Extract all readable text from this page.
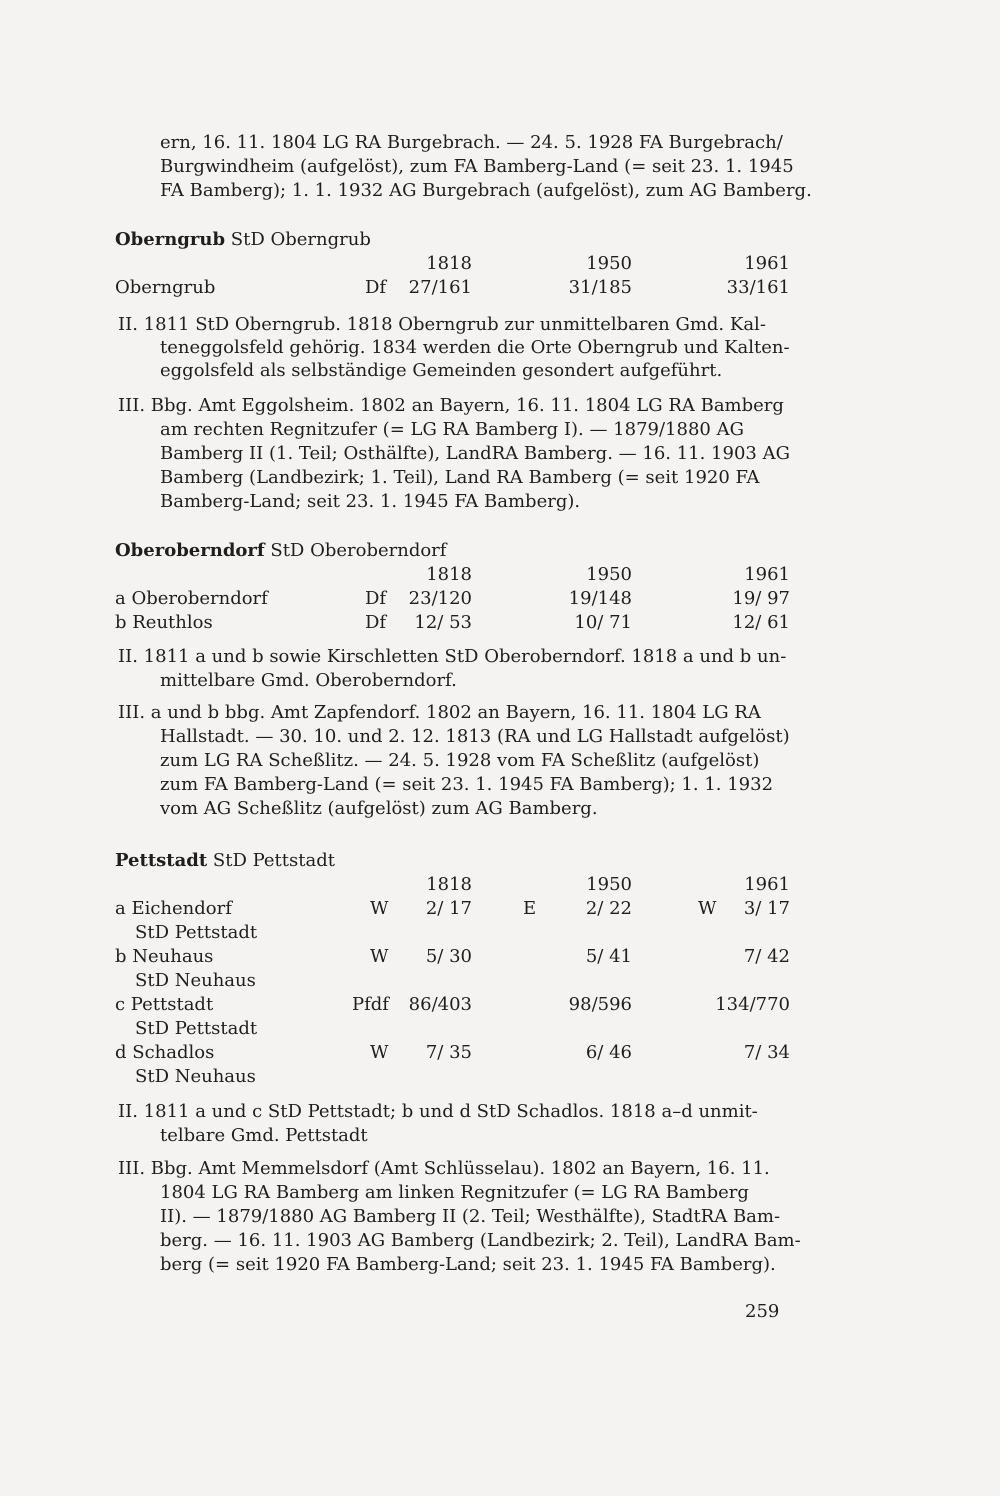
ern, 16. 11. 1804 LG RA Burgebrach. — 24. 5. 1928 FA Burgebrach/
Burgwindheim (aufgelöst), zum FA Bamberg-Land (= seit 23. 1. 1945
FA Bamberg); 1. 1. 1932 AG Burgebrach (aufgelöst), zum AG Bamberg.
Oberngrub StD Oberngrub
1818	1950	1961
Oberngrub	Df	27/161	31/185	33/161
II. 1811 StD Oberngrub. 1818 Oberngrub zur unmittelbaren Gmd. Kal-
teneggolsfeld gehörig. 1834 werden die Orte Oberngrub und Kalten-
eggolsfeld als selbständige Gemeinden gesondert aufgeführt.
III. Bbg. Amt Eggolsheim. 1802 an Bayern, 16. 11. 1804 LG RA Bamberg
am rechten Regnitzufer (= LG RA Bamberg I). — 1879/1880 AG
Bamberg II (1. Teil; Osthälfte), LandRA Bamberg. — 16. 11. 1903 AG
Bamberg (Landbezirk; 1. Teil), Land RA Bamberg (= seit 1920 FA
Bamberg-Land; seit 23. 1. 1945 FA Bamberg).
Oberoberndorf StD Oberoberndorf
1818	1950	1961
a Oberoberndorf	Df	23/120	19/148	19/ 97
b Reuthlos	Df	12/ 53	10/ 71	12/ 61
II. 1811 a und b sowie Kirschletten StD Oberoberndorf. 1818 a und b un-
mittelbare Gmd. Oberoberndorf.
III. a und b bbg. Amt Zapfendorf. 1802 an Bayern, 16. 11. 1804 LG RA
Hallstadt. — 30. 10. und 2. 12. 1813 (RA und LG Hallstadt aufgelöst)
zum LG RA Scheßlitz. — 24. 5. 1928 vom FA Scheßlitz (aufgelöst)
zum FA Bamberg-Land (= seit 23. 1. 1945 FA Bamberg); 1. 1. 1932
vom AG Scheßlitz (aufgelöst) zum AG Bamberg.
Pettstadt StD Pettstadt
1818	1950	1961
a Eichendorf	W	2/ 17	E	2/ 22	W	3/ 17
StD Pettstadt
b Neuhaus	W	5/ 30	5/ 41	7/ 42
StD Neuhaus
c Pettstadt	Pfdf	86/403	98/596	134/770
StD Pettstadt
d Schadlos	W	7/ 35	6/ 46	7/ 34
StD Neuhaus
II. 1811 a und c StD Pettstadt; b und d StD Schadlos. 1818 a–d unmit-
telbare Gmd. Pettstadt
III. Bbg. Amt Memmelsdorf (Amt Schlüsselau). 1802 an Bayern, 16. 11.
1804 LG RA Bamberg am linken Regnitzufer (= LG RA Bamberg
II). — 1879/1880 AG Bamberg II (2. Teil; Westhälfte), StadtRA Bam-
berg. — 16. 11. 1903 AG Bamberg (Landbezirk; 2. Teil), LandRA Bam-
berg (= seit 1920 FA Bamberg-Land; seit 23. 1. 1945 FA Bamberg).
259
